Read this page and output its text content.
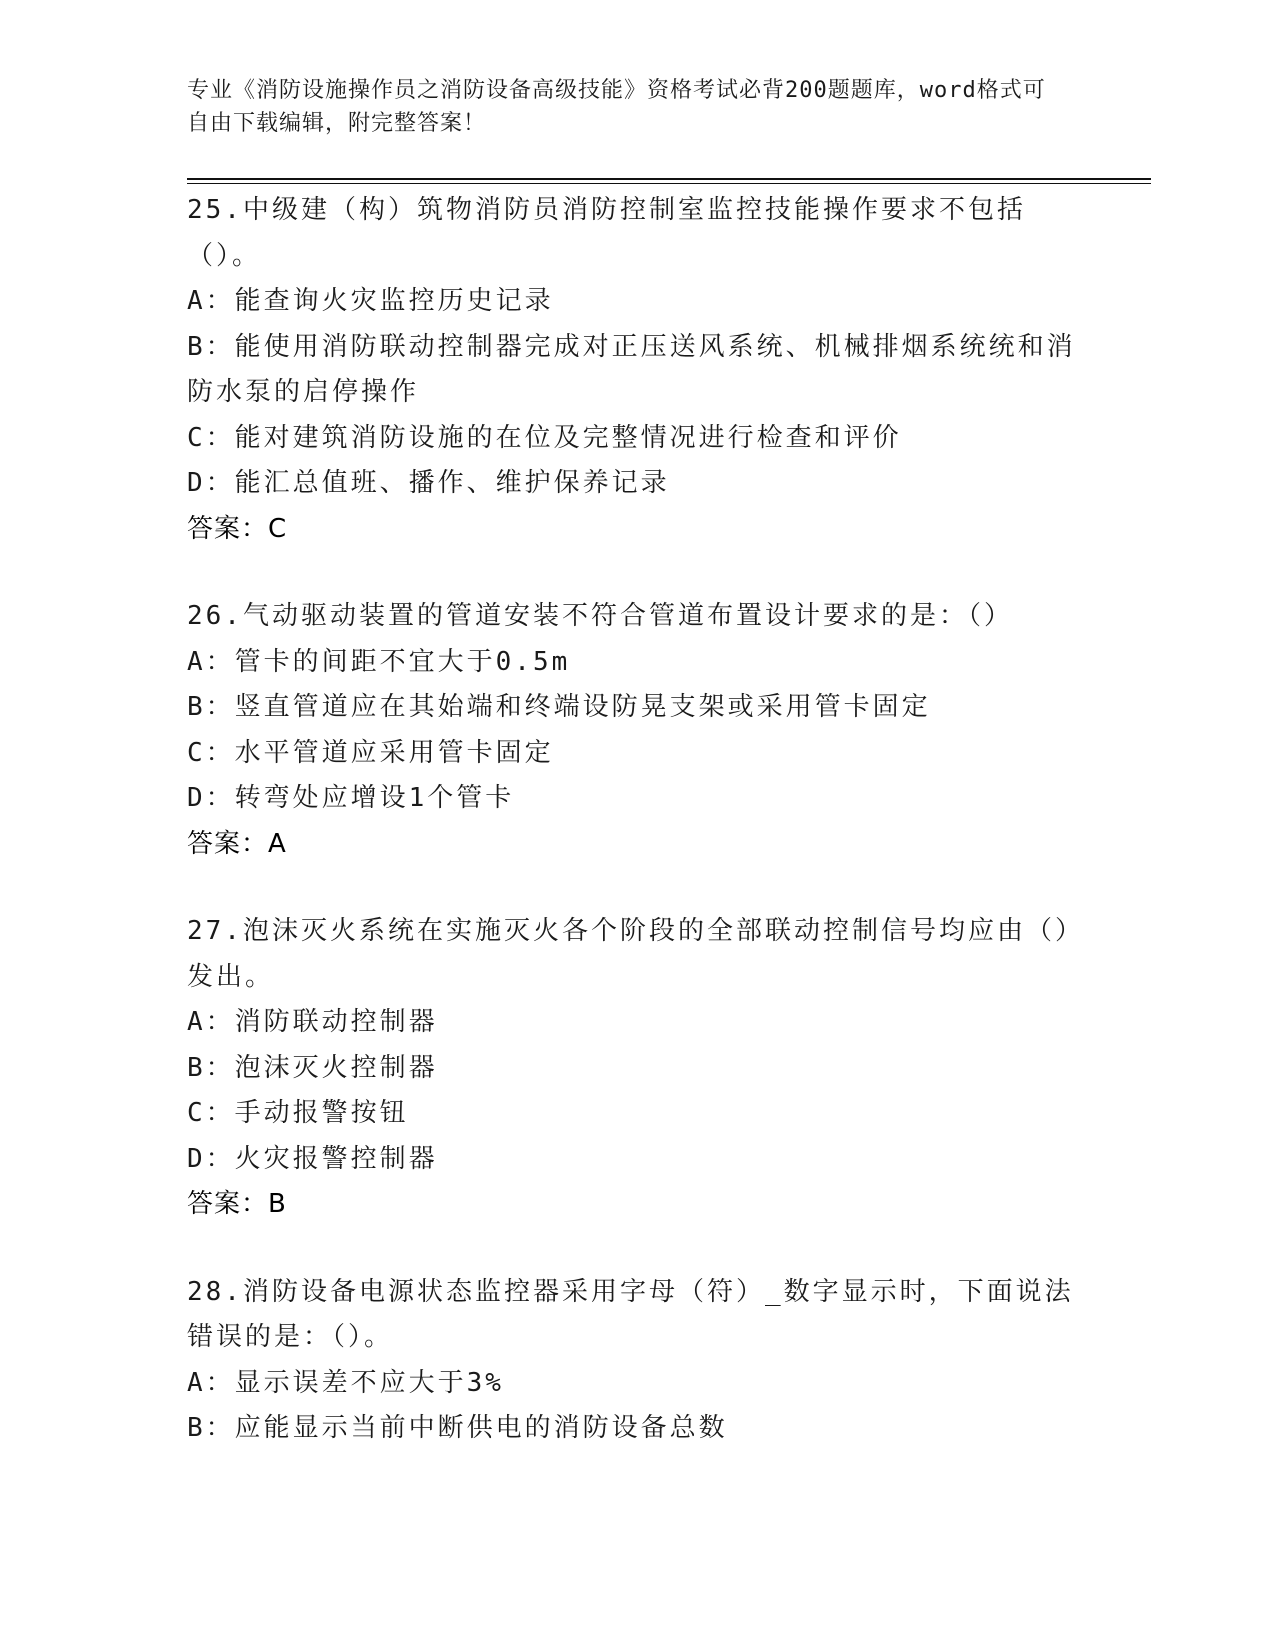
专业《消防设施操作员之消防设备高级技能》资格考试必背200题题库，word格式可自由下载编辑，附完整答案！
25.中级建（构）筑物消防员消防控制室监控技能操作要求不包括（）。
A：能查询火灾监控历史记录
B：能使用消防联动控制器完成对正压送风系统、机械排烟系统统和消防水泵的启停操作
C：能对建筑消防设施的在位及完整情况进行检查和评价
D：能汇总值班、播作、维护保养记录
答案：C
26.气动驱动装置的管道安装不符合管道布置设计要求的是：（）
A：管卡的间距不宜大于0.5m
B：竖直管道应在其始端和终端设防晃支架或采用管卡固定
C：水平管道应采用管卡固定
D：转弯处应增设1个管卡
答案：A
27.泡沫灭火系统在实施灭火各个阶段的全部联动控制信号均应由（）发出。
A：消防联动控制器
B：泡沫灭火控制器
C：手动报警按钮
D：火灾报警控制器
答案：B
28.消防设备电源状态监控器采用字母（符）_数字显示时，下面说法错误的是：（）。
A：显示误差不应大于3%
B：应能显示当前中断供电的消防设备总数
